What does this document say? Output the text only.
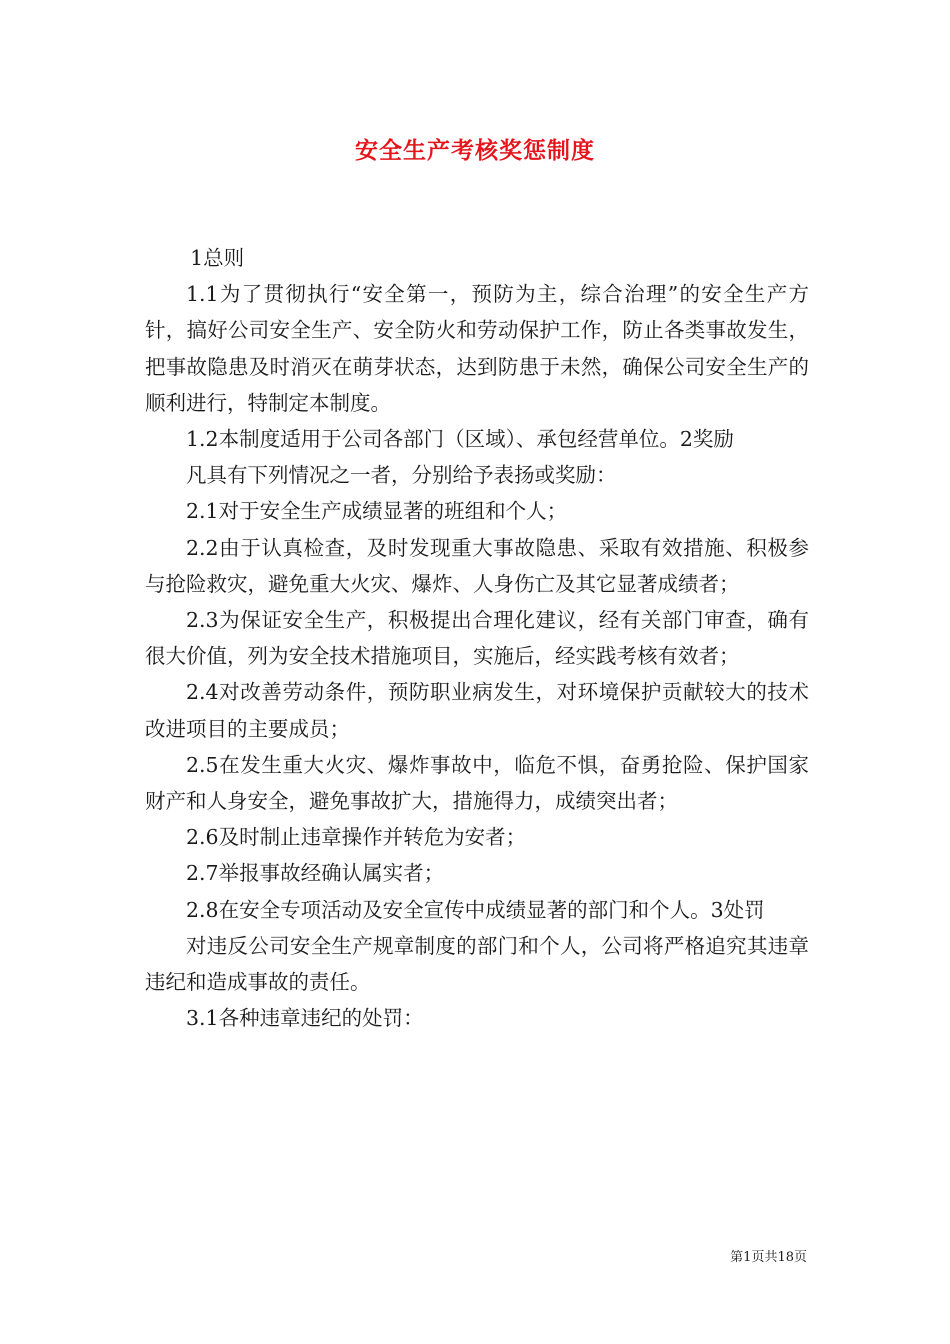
安全生产考核奖惩制度

1总则

1.1为了贯彻执行“安全第一，预防为主，综合治理”的安全生产方针，搞好公司安全生产、安全防火和劳动保护工作，防止各类事故发生，把事故隐患及时消灭在萌芽状态，达到防患于未然，确保公司安全生产的顺利进行，特制定本制度。

1.2本制度适用于公司各部门（区域）、承包经营单位。2奖励

凡具有下列情况之一者，分别给予表扬或奖励：

2.1对于安全生产成绩显著的班组和个人；

2.2由于认真检查，及时发现重大事故隐患、采取有效措施、积极参与抢险救灾，避免重大火灾、爆炸、人身伤亡及其它显著成绩者；

2.3为保证安全生产，积极提出合理化建议，经有关部门审查，确有很大价值，列为安全技术措施项目，实施后，经实践考核有效者；

2.4对改善劳动条件，预防职业病发生，对环境保护贡献较大的技术改进项目的主要成员；

2.5在发生重大火灾、爆炸事故中，临危不惧，奋勇抢险、保护国家财产和人身安全，避免事故扩大，措施得力，成绩突出者；

2.6及时制止违章操作并转危为安者；

2.7举报事故经确认属实者；

2.8在安全专项活动及安全宣传中成绩显著的部门和个人。3处罚

对违反公司安全生产规章制度的部门和个人，公司将严格追究其违章违纪和造成事故的责任。

3.1各种违章违纪的处罚：

第1页共18页
